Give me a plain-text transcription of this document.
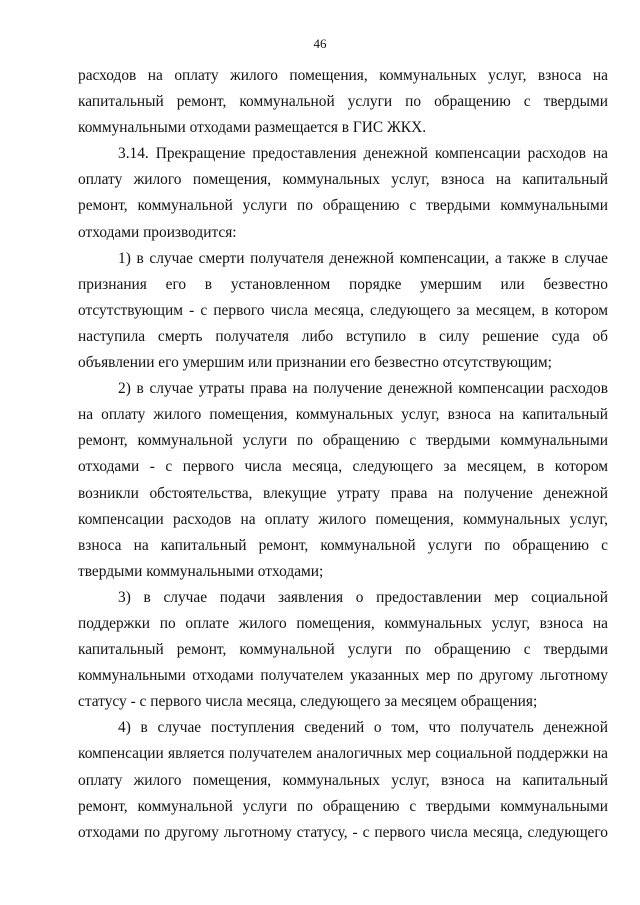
46

расходов на оплату жилого помещения, коммунальных услуг, взноса на
капитальный ремонт, коммунальной услуги по обращению с твердыми
коммунальными отходами размещается в ГИС ЖКХ.

3.14. Прекращение предоставления денежной компенсации расходов на
оплату жилого помещения, коммунальных услуг, взноса на капитальный
ремонт, коммунальной услуги по обращению с твердыми коммунальными
отходами производится:

1) в случае смерти получателя денежной компенсации, а также в случае
признания его в установленном порядке умершим или безвестно
отсутствующим - с первого числа месяца, следующего за месяцем, в котором
наступила смерть получателя либо вступило в силу решение суда об
объявлении его умершим или признании его безвестно отсутствующим;

2) в случае утраты права на получение денежной компенсации расходов
на оплату жилого помещения, коммунальных услуг, взноса на капитальный
ремонт, коммунальной услуги по обращению с твердыми коммунальными
отходами - с первого числа месяца, следующего за месяцем, в котором
возникли обстоятельства, влекущие утрату права на получение денежной
компенсации расходов на оплату жилого помещения, коммунальных услуг,
взноса на капитальный ремонт, коммунальной услуги по обращению с
твердыми коммунальными отходами;

3) в случае подачи заявления о предоставлении мер социальной
поддержки по оплате жилого помещения, коммунальных услуг, взноса на
капитальный ремонт, коммунальной услуги по обращению с твердыми
коммунальными отходами получателем указанных мер по другому льготному
статусу - с первого числа месяца, следующего за месяцем обращения;

4) в случае поступления сведений о том, что получатель денежной
компенсации является получателем аналогичных мер социальной поддержки на
оплату жилого помещения, коммунальных услуг, взноса на капитальный
ремонт, коммунальной услуги по обращению с твердыми коммунальными
отходами по другому льготному статусу, - с первого числа месяца, следующего
